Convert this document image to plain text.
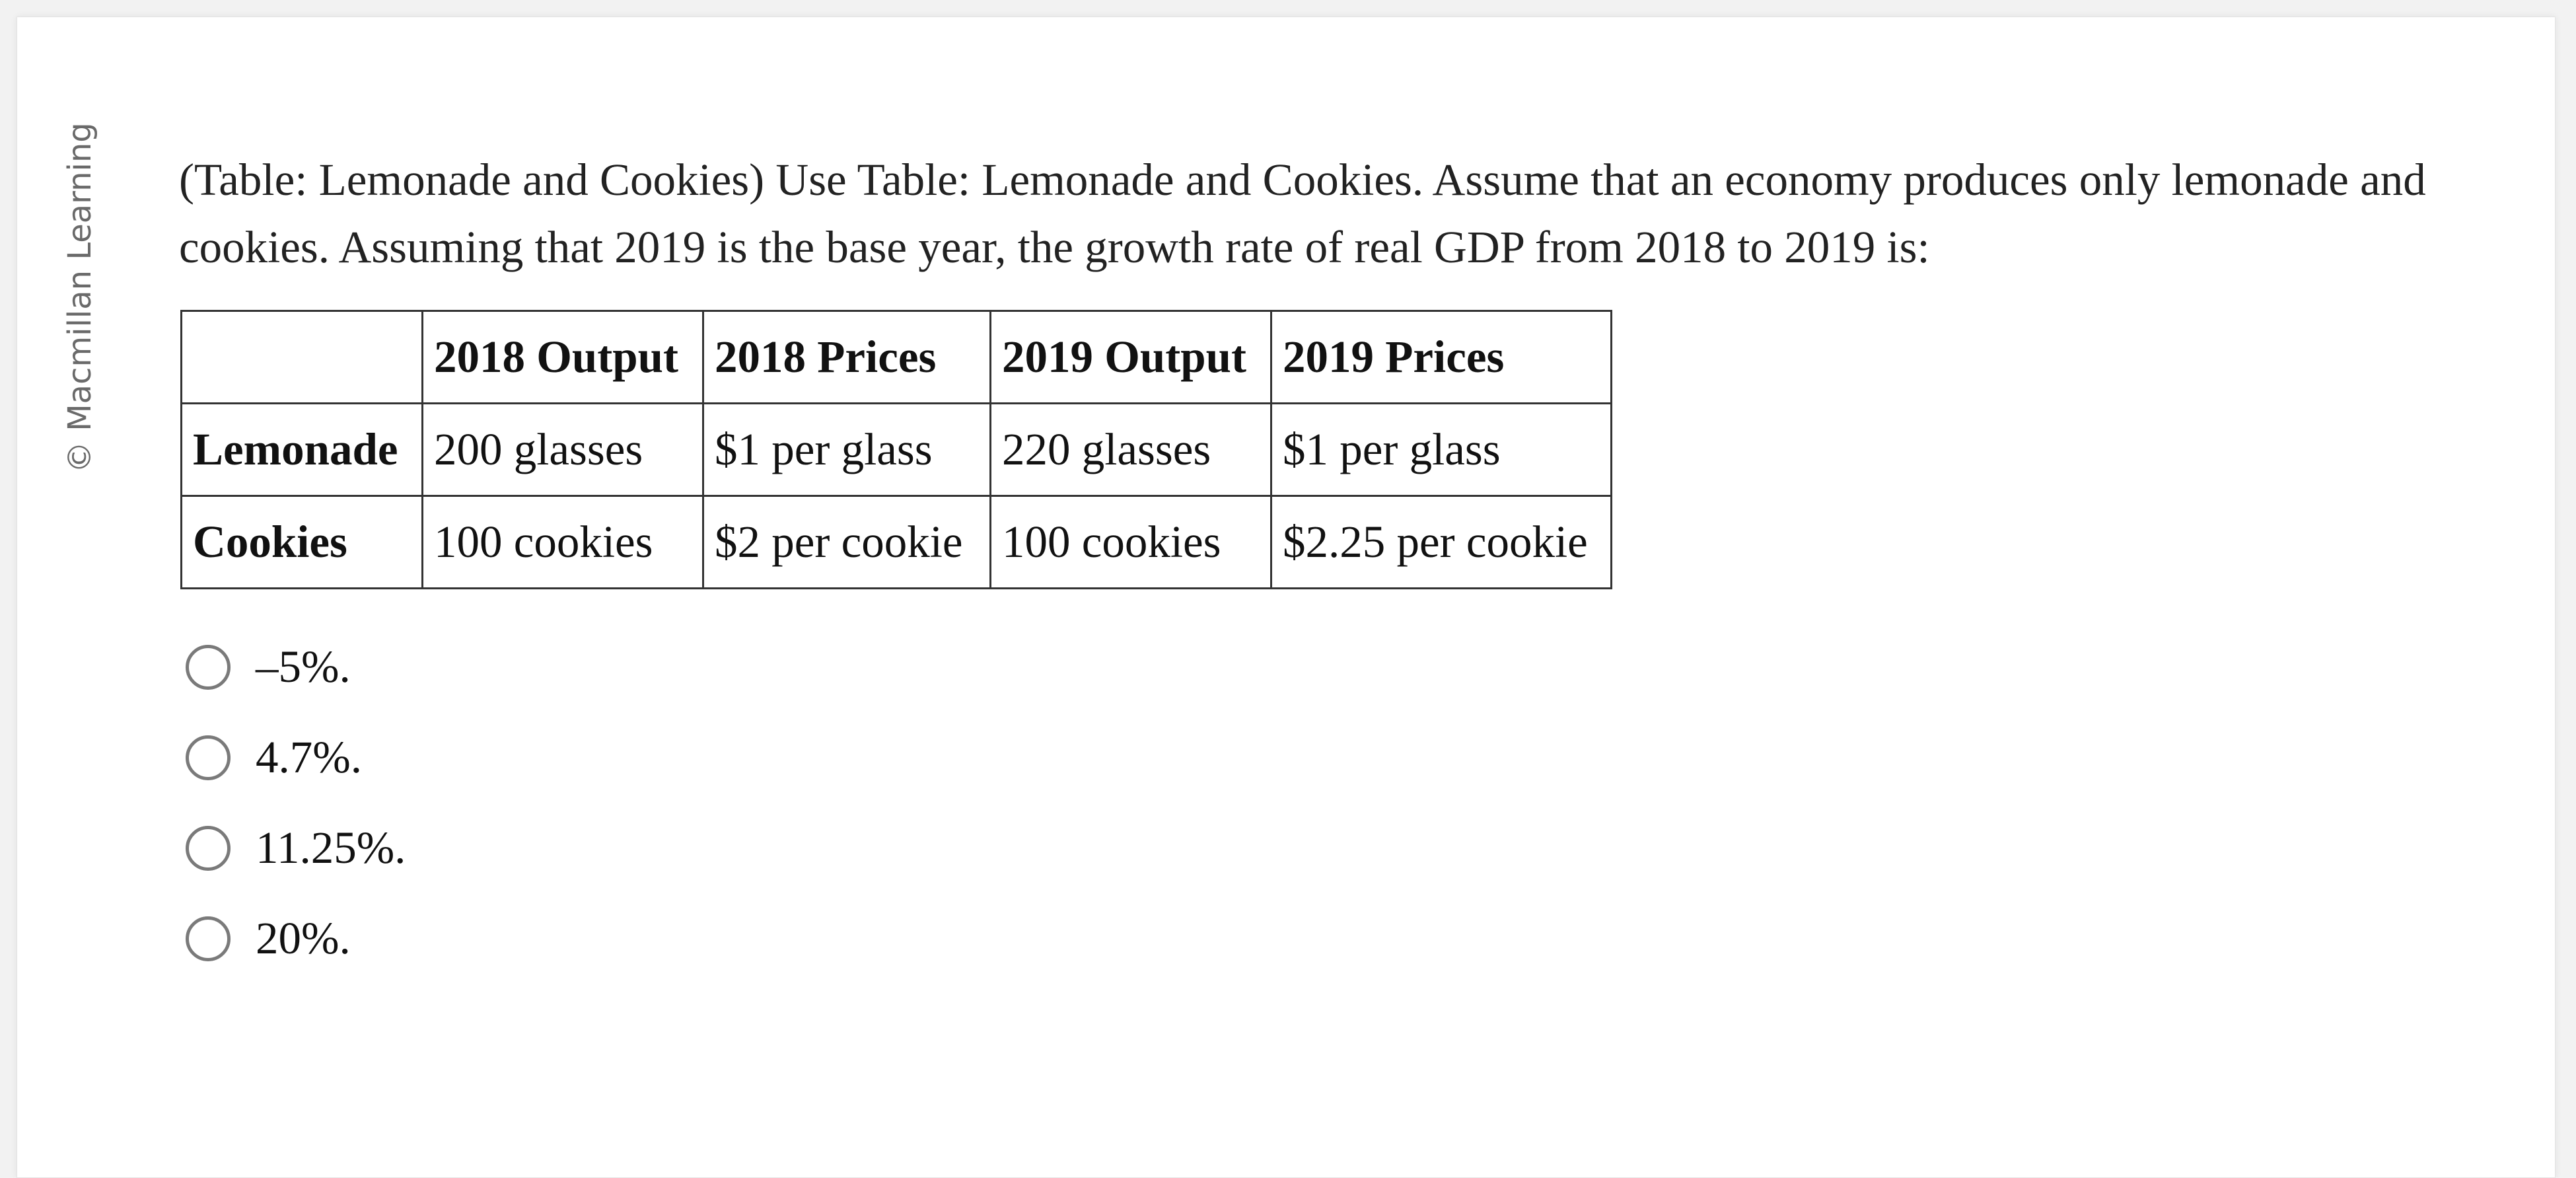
© Macmillan Learning (Table: Lemonade and Cookies) Use Table: Lemonade and Cookies. Assume that an economy produces only lemonade and cookies. Assuming that 2019 is the base year, the growth rate of real GDP from 2018 to 2019 is:
	2018 Output	2018 Prices	2019 Output	2019 Prices
Lemonade	200 glasses	$1 per glass	220 glasses	$1 per glass
Cookies	100 cookies	$2 per cookie	100 cookies	$2.25 per cookie
–5%.
4.7%.
11.25%.
20%.
